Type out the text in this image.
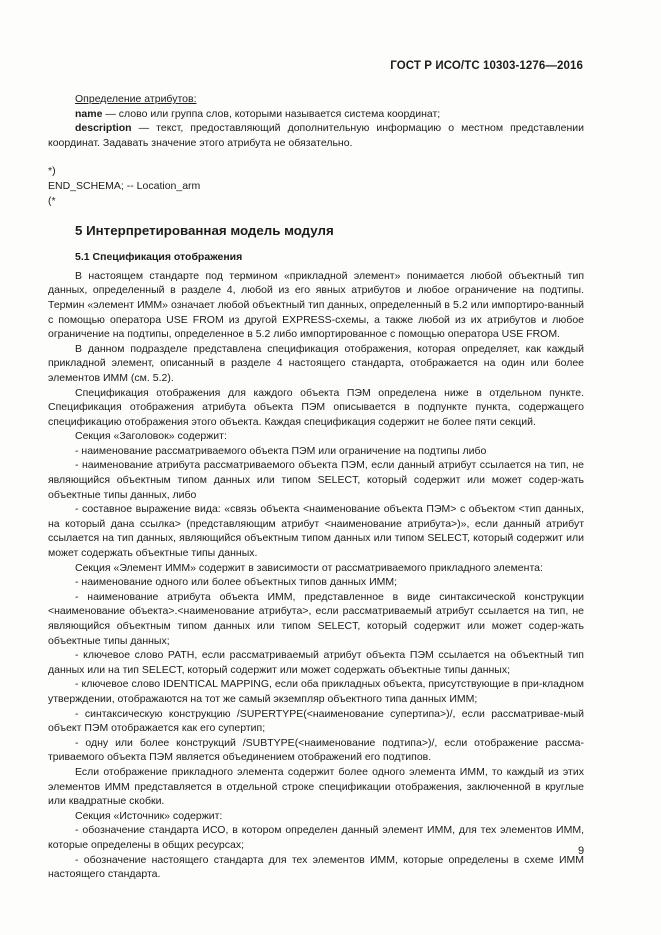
ГОСТ Р ИСО/ТС 10303-1276—2016

Определение атрибутов:

name — слово или группа слов, которыми называется система координат;

description — текст, предоставляющий дополнительную информацию о местном представлении координат. Задавать значение этого атрибута не обязательно.

*)

END_SCHEMA; -- Location_arm

(*

5 Интерпретированная модель модуля

5.1 Спецификация отображения

В настоящем стандарте под термином «прикладной элемент» понимается любой объектный тип данных, определенный в разделе 4, любой из его явных атрибутов и любое ограничение на подтипы. Термин «элемент ИММ» означает любой объектный тип данных, определенный в 5.2 или импортиро-ванный с помощью оператора USE FROM из другой EXPRESS-схемы, а также любой из их атрибутов и любое ограничение на подтипы, определенное в 5.2 либо импортированное с помощью оператора USE FROM.

В данном подразделе представлена спецификация отображения, которая определяет, как каждый прикладной элемент, описанный в разделе 4 настоящего стандарта, отображается на один или более элементов ИММ (см. 5.2).

Спецификация отображения для каждого объекта ПЭМ определена ниже в отдельном пункте. Спецификация отображения атрибута объекта ПЭМ описывается в подпункте пункта, содержащего спецификацию отображения этого объекта. Каждая спецификация содержит не более пяти секций.

Секция «Заголовок» содержит:

- наименование рассматриваемого объекта ПЭМ или ограничение на подтипы либо

- наименование атрибута рассматриваемого объекта ПЭМ, если данный атрибут ссылается на тип, не являющийся объектным типом данных или типом SELECT, который содержит или может содер-жать объектные типы данных, либо

- составное выражение вида: «связь объекта <наименование объекта ПЭМ> с объектом <тип данных, на который дана ссылка> (представляющим атрибут <наименование атрибута>)», если данный атрибут ссылается на тип данных, являющийся объектным типом данных или типом SELECT, который содержит или может содержать объектные типы данных.

Секция «Элемент ИММ» содержит в зависимости от рассматриваемого прикладного элемента:

- наименование одного или более объектных типов данных ИММ;

- наименование атрибута объекта ИММ, представленное в виде синтаксической конструкции <наименование объекта>.<наименование атрибута>, если рассматриваемый атрибут ссылается на тип, не являющийся объектным типом данных или типом SELECT, который содержит или может содер-жать объектные типы данных;

- ключевое слово PATH, если рассматриваемый атрибут объекта ПЭМ ссылается на объектный тип данных или на тип SELECT, который содержит или может содержать объектные типы данных;

- ключевое слово IDENTICAL MAPPING, если оба прикладных объекта, присутствующие в при-кладном утверждении, отображаются на тот же самый экземпляр объектного типа данных ИММ;

- синтаксическую конструкцию /SUPERTYPE(<наименование супертипа>)/, если рассматривае-мый объект ПЭМ отображается как его супертип;

- одну или более конструкций /SUBTYPE(<наименование подтипа>)/, если отображение рассма-триваемого объекта ПЭМ является объединением отображений его подтипов.

Если отображение прикладного элемента содержит более одного элемента ИММ, то каждый из этих элементов ИММ представляется в отдельной строке спецификации отображения, заключенной в круглые или квадратные скобки.

Секция «Источник» содержит:

- обозначение стандарта ИСО, в котором определен данный элемент ИММ, для тех элементов ИММ, которые определены в общих ресурсах;

- обозначение настоящего стандарта для тех элементов ИММ, которые определены в схеме ИММ настоящего стандарта.

9
